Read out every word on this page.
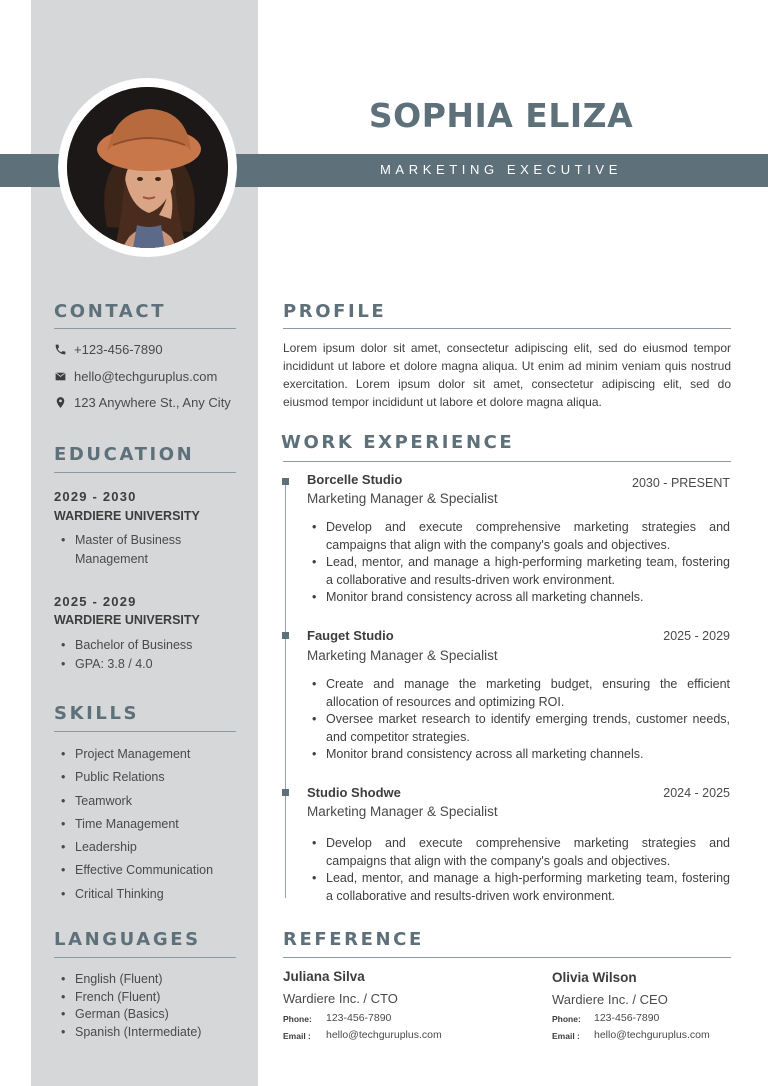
SOPHIA ELIZA
MARKETING EXECUTIVE
CONTACT
+123-456-7890
hello@techguruplus.com
123 Anywhere St., Any City
EDUCATION
2029 - 2030
WARDIERE UNIVERSITY
• Master of Business Management
2025 - 2029
WARDIERE UNIVERSITY
• Bachelor of Business
• GPA: 3.8 / 4.0
SKILLS
• Project Management
• Public Relations
• Teamwork
• Time Management
• Leadership
• Effective Communication
• Critical Thinking
LANGUAGES
• English (Fluent)
• French (Fluent)
• German (Basics)
• Spanish (Intermediate)
PROFILE
Lorem ipsum dolor sit amet, consectetur adipiscing elit, sed do eiusmod tempor incididunt ut labore et dolore magna aliqua. Ut enim ad minim veniam quis nostrud exercitation. Lorem ipsum dolor sit amet, consectetur adipiscing elit, sed do eiusmod tempor incididunt ut labore et dolore magna aliqua.
WORK EXPERIENCE
Borcelle Studio	2030 - PRESENT
Marketing Manager & Specialist
• Develop and execute comprehensive marketing strategies and campaigns that align with the company's goals and objectives.
• Lead, mentor, and manage a high-performing marketing team, fostering a collaborative and results-driven work environment.
• Monitor brand consistency across all marketing channels.
Fauget Studio	2025 - 2029
Marketing Manager & Specialist
• Create and manage the marketing budget, ensuring the efficient allocation of resources and optimizing ROI.
• Oversee market research to identify emerging trends, customer needs, and competitor strategies.
• Monitor brand consistency across all marketing channels.
Studio Shodwe	2024 - 2025
Marketing Manager & Specialist
• Develop and execute comprehensive marketing strategies and campaigns that align with the company's goals and objectives.
• Lead, mentor, and manage a high-performing marketing team, fostering a collaborative and results-driven work environment.
REFERENCE
Juliana Silva
Wardiere Inc. / CTO
Phone: 123-456-7890
Email : hello@techguruplus.com
Olivia Wilson
Wardiere Inc. / CEO
Phone: 123-456-7890
Email : hello@techguruplus.com
